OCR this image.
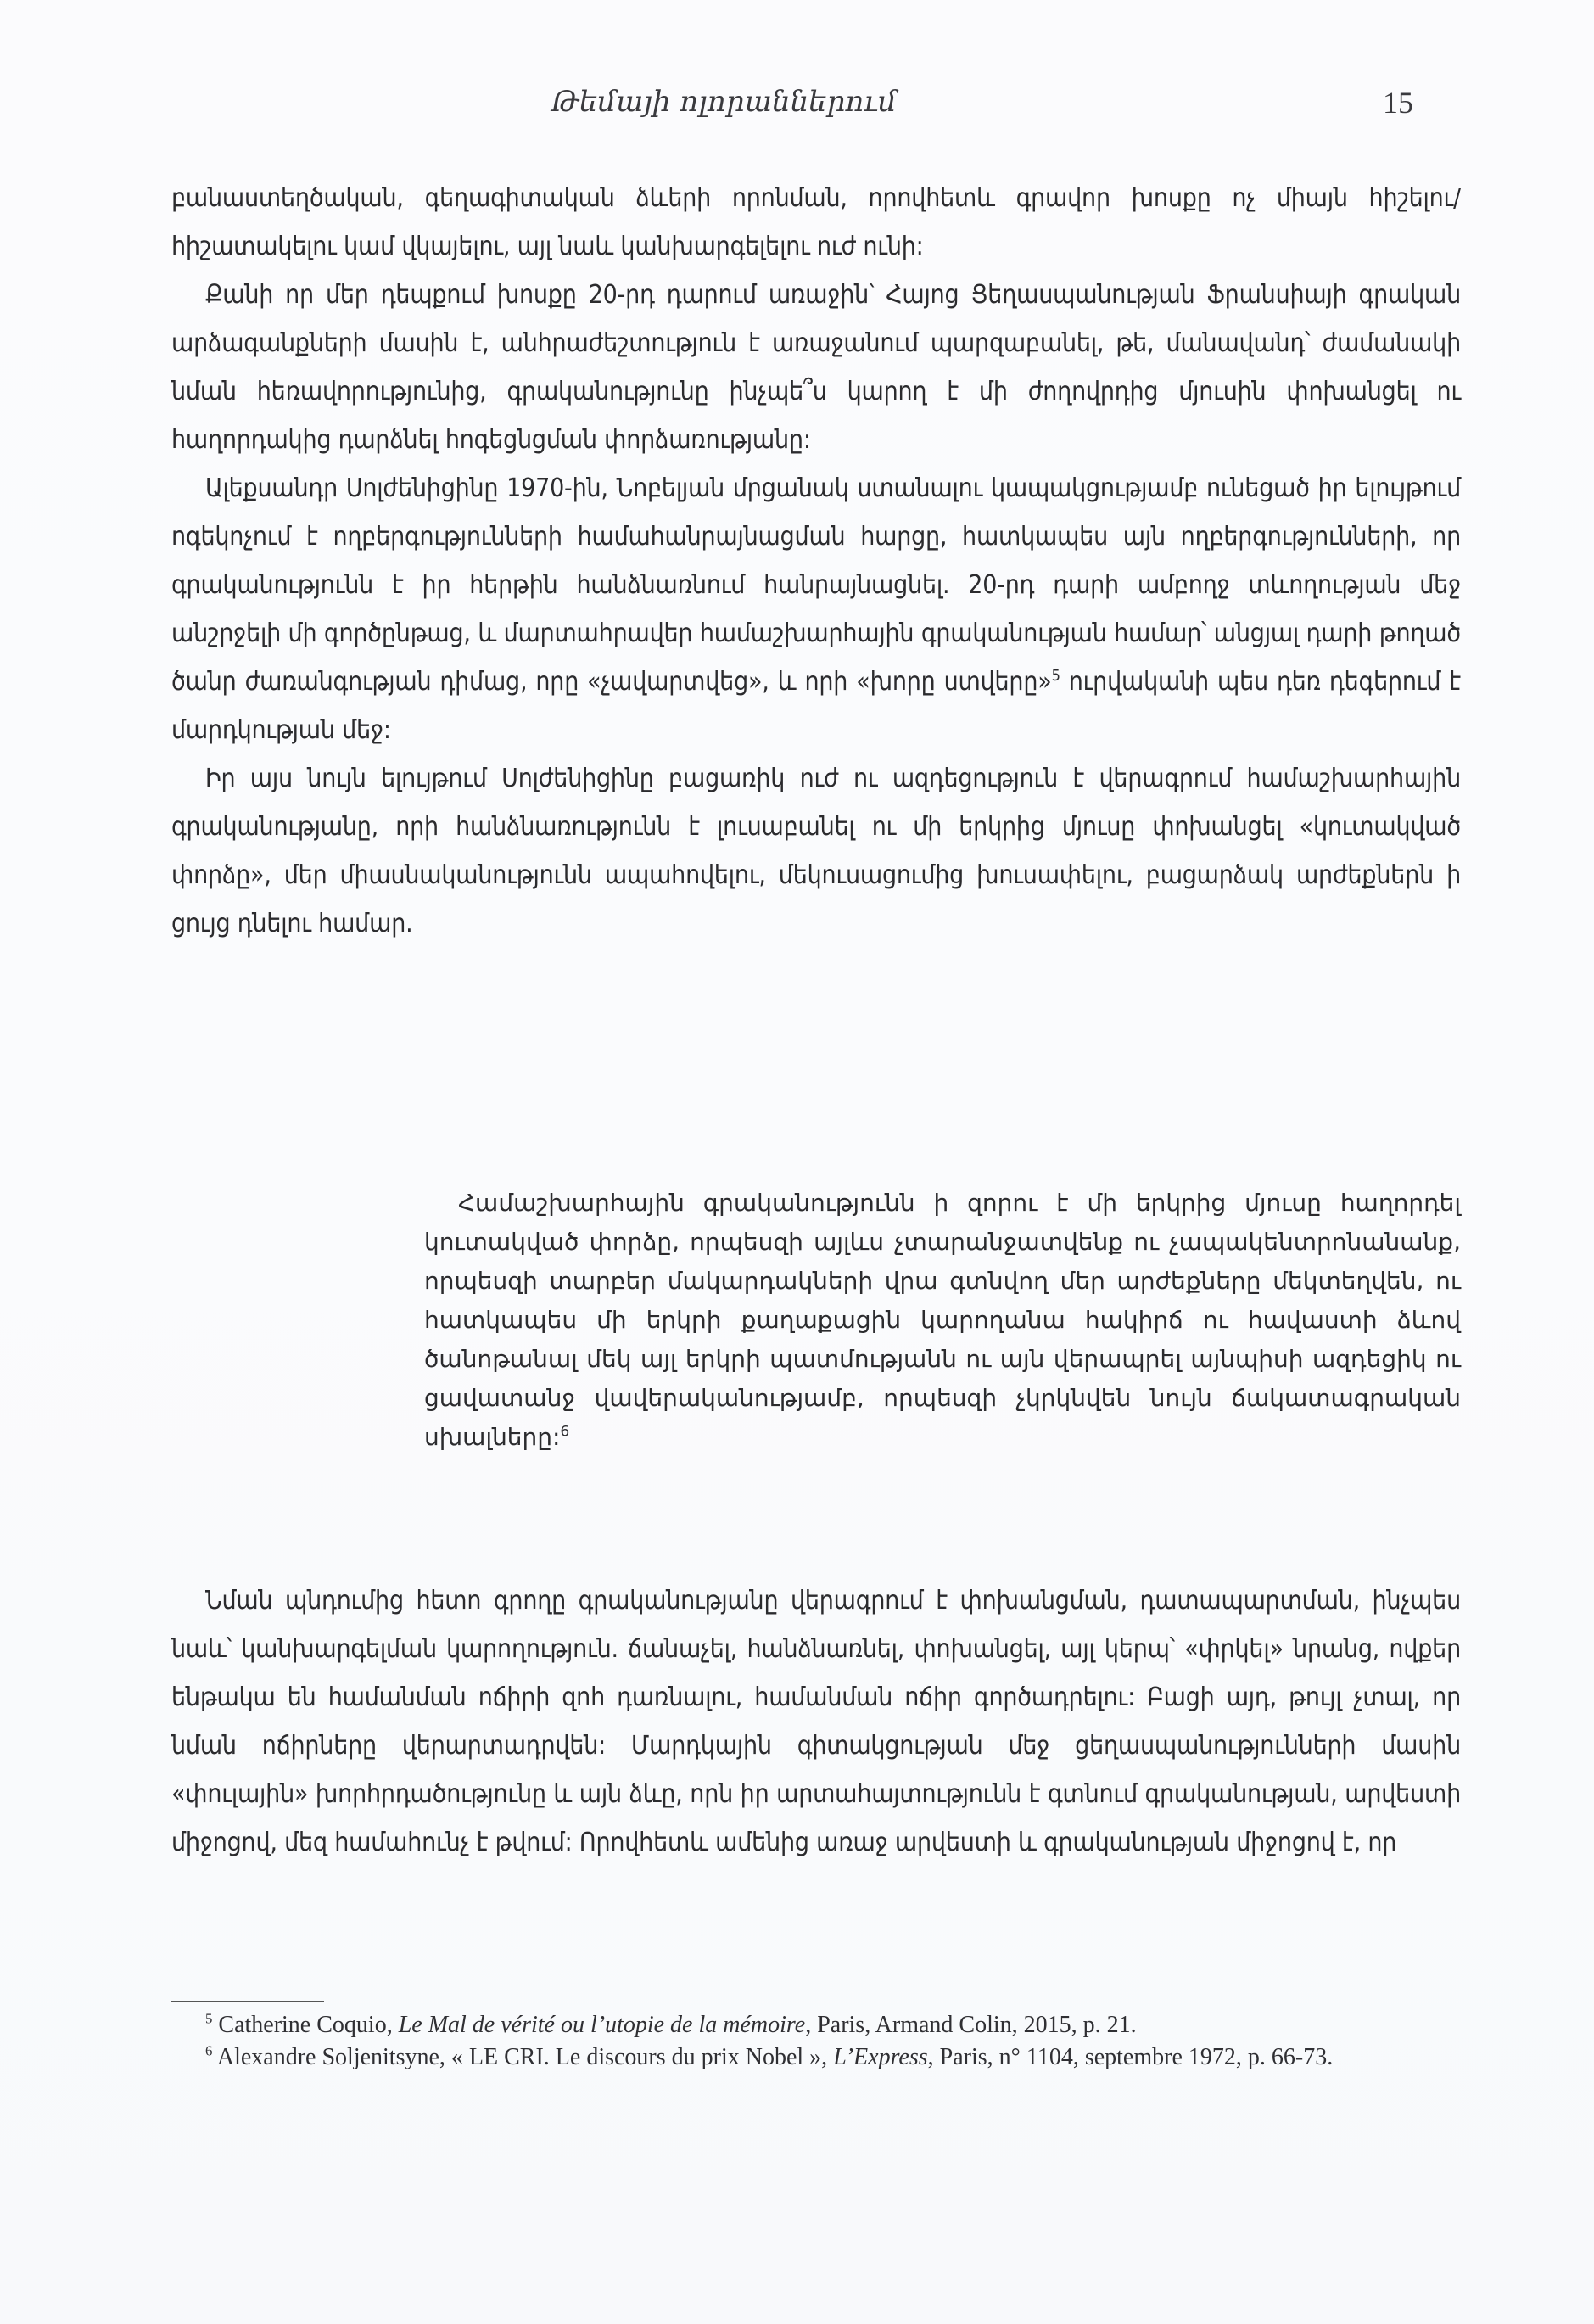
Թեմայի ոլորաններում	15

բանաստեղծական, գեղագիտական ձևերի որոնման, որովհետև գրավոր խոսքը ոչ միայն հիշելու/հիշատակելու կամ վկայելու, այլ նաև կանխարգելելու ուժ ունի:

Քանի որ մեր դեպքում խոսքը 20-րդ դարում առաջին՝ Հայոց Ցեղասպանության Ֆրանսիայի գրական արձագանքների մասին է, անհրաժեշտություն է առաջանում պարզաբանել, թե, մանավանդ՝ ժամանակի նման հեռավորությունից, գրականությունը ինչպե՞ս կարող է մի ժողովրդից մյուսին փոխանցել ու հաղորդակից դարձնել հոգեցնցման փորձառությանը:

Ալեքսանդր Սոլժենիցինը 1970-ին, Նոբելյան մրցանակ ստանալու կապակցությամբ ունեցած իր ելույթում ոգեկոչում է ողբերգությունների համահանրայնացման հարցը, հատկապես այն ողբերգությունների, որ գրականությունն է իր հերթին հանձնառնում հանրայնացնել. 20-րդ դարի ամբողջ տևողության մեջ անշրջելի մի գործընթաց, և մարտահրավեր համաշխարհային գրականության համար՝ անցյալ դարի թողած ծանր ժառանգության դիմաց, որը «չավարտվեց», և որի «խորը ստվերը»$^5$ ուրվականի պես դեռ դեգերում է մարդկության մեջ:

Իր այս նույն ելույթում Սոլժենիցինը բացառիկ ուժ ու ազդեցություն է վերագրում համաշխարհային գրականությանը, որի հանձնառությունն է լուսաբանել ու մի երկրից մյուսը փոխանցել «կուտակված փորձը», մեր միասնականությունն ապահովելու, մեկուսացումից խուսափելու, բացարձակ արժեքներն ի ցույց դնելու համար.

Համաշխարհային գրականությունն ի զորու է մի երկրից մյուսը հաղորդել կուտակված փորձը, որպեսզի այլևս չտարանջատվենք ու չապակենտրոնանանք, որպեսզի տարբեր մակարդակների վրա գտնվող մեր արժեքները մեկտեղվեն, ու հատկապես մի երկրի քաղաքացին կարողանա հակիրճ ու հավաստի ձևով ծանոթանալ մեկ այլ երկրի պատմությանն ու այն վերապրել այնպիսի ազդեցիկ ու ցավատանջ վավերականությամբ, որպեսզի չկրկնվեն նույն ճակատագրական սխալները:$^6$

Նման պնդումից հետո գրողը գրականությանը վերագրում է փոխանցման, դատապարտման, ինչպես նաև՝ կանխարգելման կարողություն. ճանաչել, հանձնառնել, փոխանցել, այլ կերպ՝ «փրկել» նրանց, ովքեր ենթակա են համանման ոճիրի զոհ դառնալու, համանման ոճիր գործադրելու: Բացի այդ, թույլ չտալ, որ նման ոճիրները վերարտադրվեն: Մարդկային գիտակցության մեջ ցեղասպանությունների մասին «փուլային» խորհրդածությունը և այն ձևը, որն իր արտահայտությունն է գտնում գրականության, արվեստի միջոցով, մեզ համահունչ է թվում: Որովհետև ամենից առաջ արվեստի և գրականության միջոցով է, որ

$^5$ Catherine Coquio, Le Mal de vérité ou l’utopie de la mémoire, Paris, Armand Colin, 2015, p. 21.

$^6$ Alexandre Soljenitsyne, « LE CRI. Le discours du prix Nobel », L’Express, Paris, n° 1104, septembre 1972, p. 66-73.
